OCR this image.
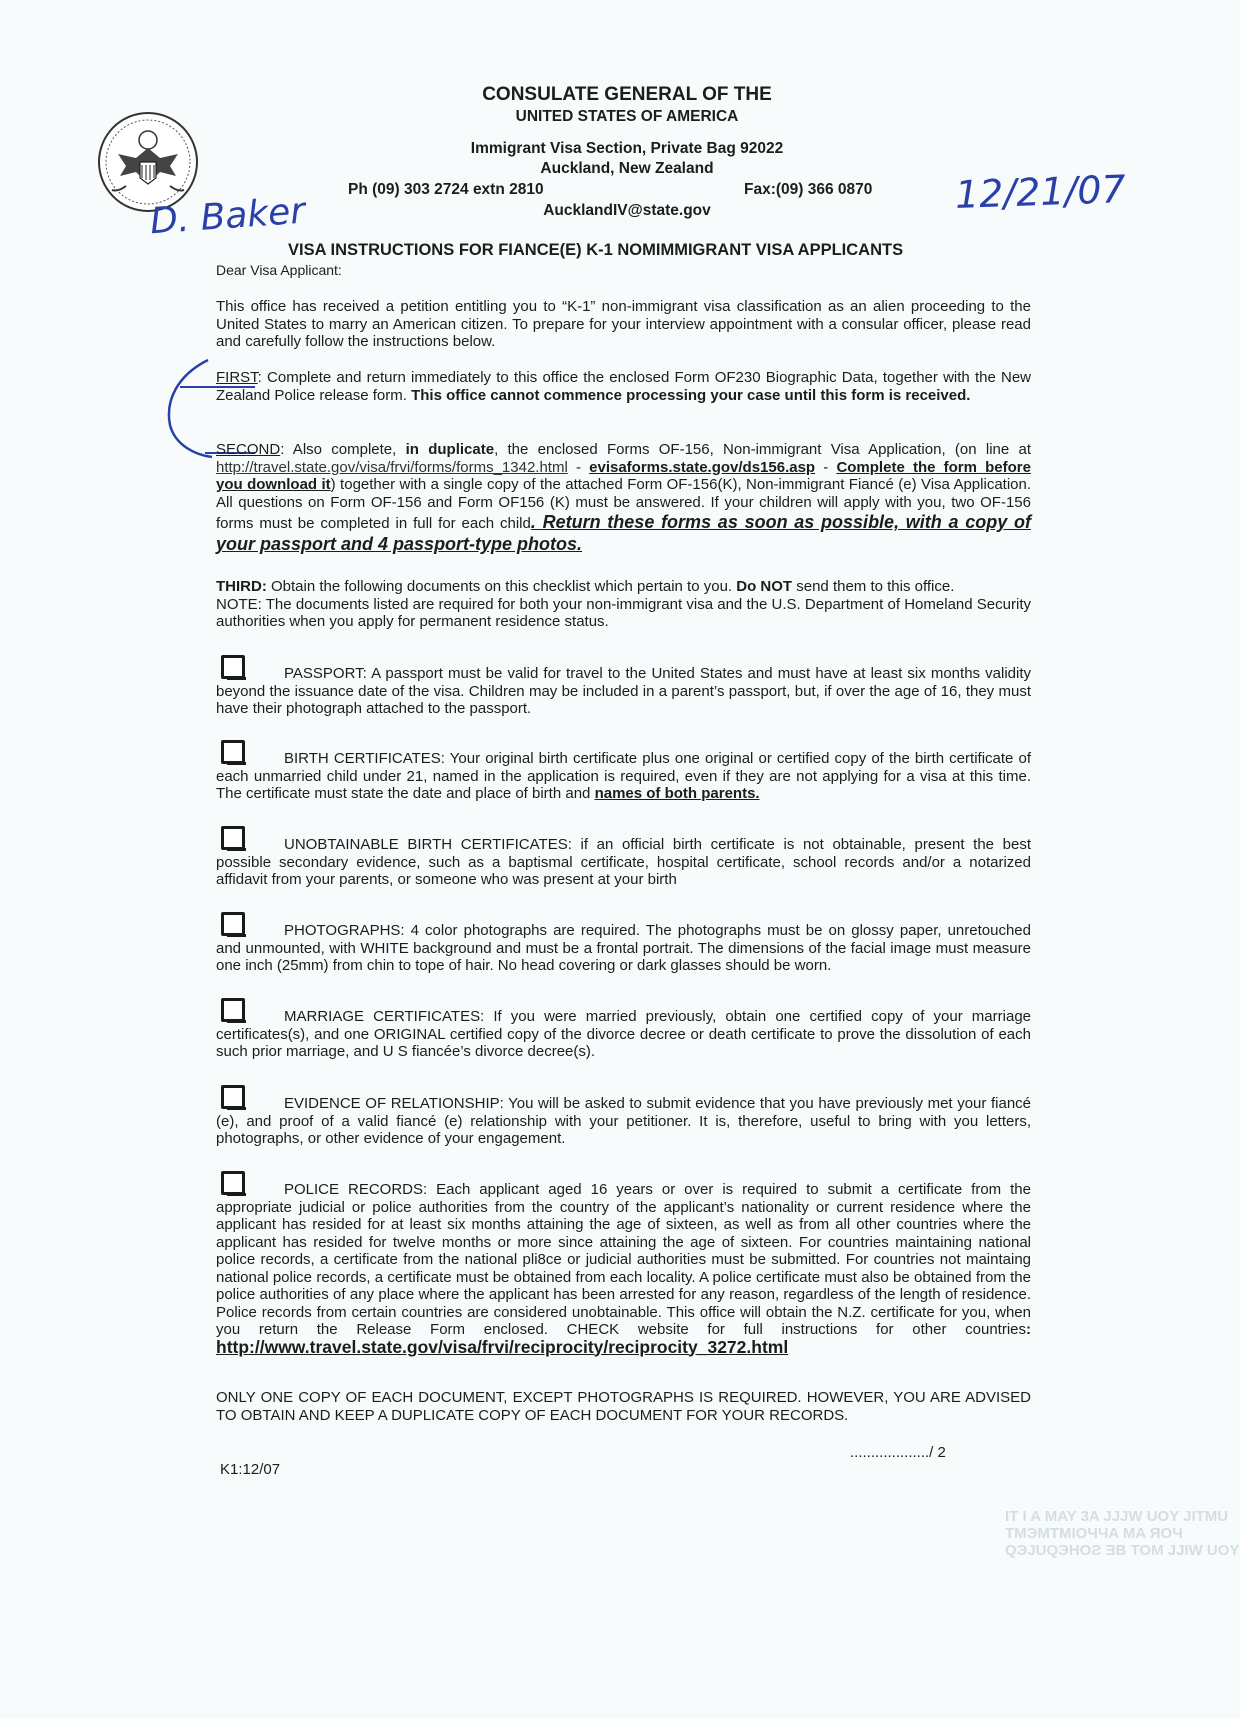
IT I A MAY 3A JJJW UOY JITMU TMЭMTMIOЧЧA MA ЯOЧ QЭJUQЭHOƧ ƎВ TOM JJIW UOY
CONSULATE GENERAL OF THE
UNITED STATES OF AMERICA
Immigrant Visa Section, Private Bag 92022
Auckland, New Zealand
Ph (09) 303 2724 extn 2810	Fax:(09) 366 0870
AucklandIV@state.gov
D. Baker	12/21/07
VISA INSTRUCTIONS FOR FIANCE(E) K-1 NOMIMMIGRANT VISA APPLICANTS
Dear Visa Applicant:
This office has received a petition entitling you to “K-1” non-immigrant visa classification as an alien proceeding to the United States to marry an American citizen. To prepare for your interview appointment with a consular officer, please read and carefully follow the instructions below.
FIRST: Complete and return immediately to this office the enclosed Form OF230 Biographic Data, together with the New Zealand Police release form. This office cannot commence processing your case until this form is received.
SECOND: Also complete, in duplicate, the enclosed Forms OF-156, Non-immigrant Visa Application, (on line at http://travel.state.gov/visa/frvi/forms/forms_1342.html - evisaforms.state.gov/ds156.asp - Complete the form before you download it) together with a single copy of the attached Form OF-156(K), Non-immigrant Fiancé (e) Visa Application. All questions on Form OF-156 and Form OF156 (K) must be answered. If your children will apply with you, two OF-156 forms must be completed in full for each child. Return these forms as soon as possible, with a copy of your passport and 4 passport-type photos.
THIRD: Obtain the following documents on this checklist which pertain to you. Do NOT send them to this office.
NOTE: The documents listed are required for both your non-immigrant visa and the U.S. Department of Homeland Security authorities when you apply for permanent residence status.
PASSPORT: A passport must be valid for travel to the United States and must have at least six months validity beyond the issuance date of the visa. Children may be included in a parent’s passport, but, if over the age of 16, they must have their photograph attached to the passport.
BIRTH CERTIFICATES: Your original birth certificate plus one original or certified copy of the birth certificate of each unmarried child under 21, named in the application is required, even if they are not applying for a visa at this time. The certificate must state the date and place of birth and names of both parents.
UNOBTAINABLE BIRTH CERTIFICATES: if an official birth certificate is not obtainable, present the best possible secondary evidence, such as a baptismal certificate, hospital certificate, school records and/or a notarized affidavit from your parents, or someone who was present at your birth
PHOTOGRAPHS: 4 color photographs are required. The photographs must be on glossy paper, unretouched and unmounted, with WHITE background and must be a frontal portrait. The dimensions of the facial image must measure one inch (25mm) from chin to tope of hair. No head covering or dark glasses should be worn.
MARRIAGE CERTIFICATES: If you were married previously, obtain one certified copy of your marriage certificates(s), and one ORIGINAL certified copy of the divorce decree or death certificate to prove the dissolution of each such prior marriage, and U S fiancée’s divorce decree(s).
EVIDENCE OF RELATIONSHIP: You will be asked to submit evidence that you have previously met your fiancé (e), and proof of a valid fiancé (e) relationship with your petitioner. It is, therefore, useful to bring with you letters, photographs, or other evidence of your engagement.
POLICE RECORDS: Each applicant aged 16 years or over is required to submit a certificate from the appropriate judicial or police authorities from the country of the applicant’s nationality or current residence where the applicant has resided for at least six months attaining the age of sixteen, as well as from all other countries where the applicant has resided for twelve months or more since attaining the age of sixteen. For countries maintaining national police records, a certificate from the national pli8ce or judicial authorities must be submitted. For countries not maintaing national police records, a certificate must be obtained from each locality. A police certificate must also be obtained from the police authorities of any place where the applicant has been arrested for any reason, regardless of the length of residence. Police records from certain countries are considered unobtainable. This office will obtain the N.Z. certificate for you, when you return the Release Form enclosed. CHECK website for full instructions for other countries: http://www.travel.state.gov/visa/frvi/reciprocity/reciprocity_3272.html
ONLY ONE COPY OF EACH DOCUMENT, EXCEPT PHOTOGRAPHS IS REQUIRED. HOWEVER, YOU ARE ADVISED TO OBTAIN AND KEEP A DUPLICATE COPY OF EACH DOCUMENT FOR YOUR RECORDS.
.................../ 2
K1:12/07
